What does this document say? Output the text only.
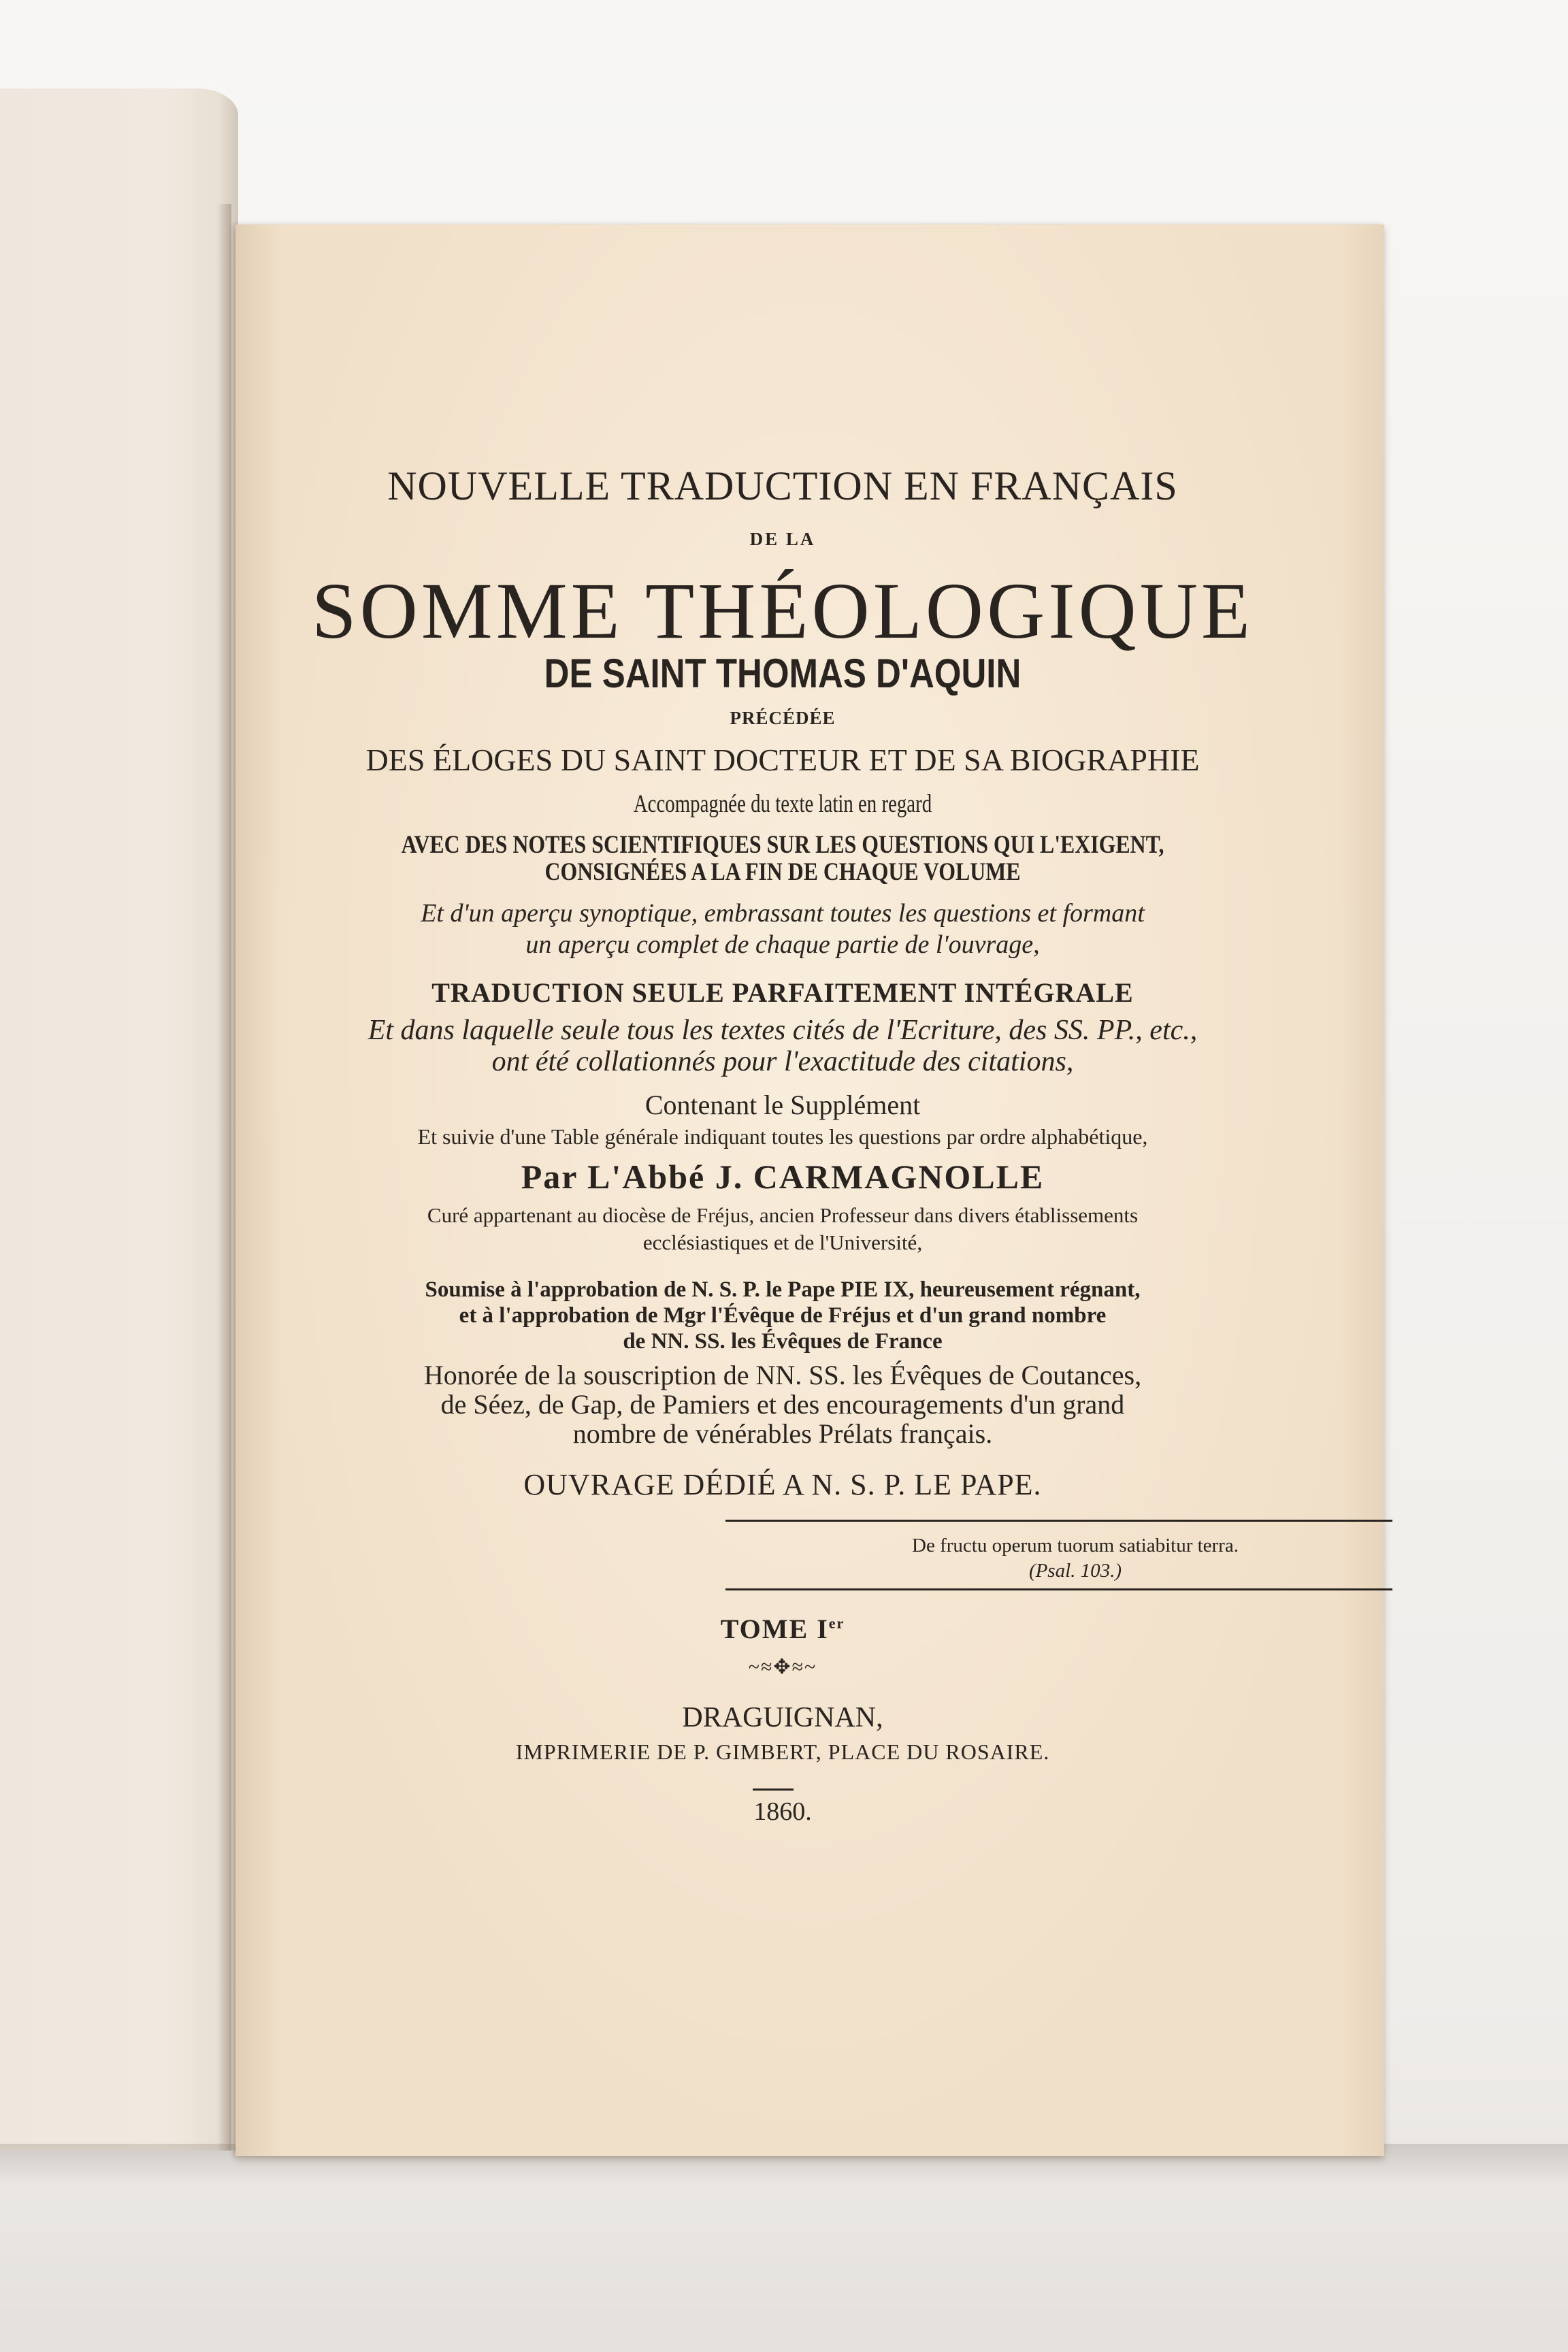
NOUVELLE TRADUCTION EN FRANÇAIS
DE LA
SOMME THÉOLOGIQUE
DE SAINT THOMAS D'AQUIN
PRÉCÉDÉE
DES ÉLOGES DU SAINT DOCTEUR ET DE SA BIOGRAPHIE
Accompagnée du texte latin en regard
AVEC DES NOTES SCIENTIFIQUES SUR LES QUESTIONS QUI L'EXIGENT,
CONSIGNÉES A LA FIN DE CHAQUE VOLUME
Et d'un aperçu synoptique, embrassant toutes les questions et formant
un aperçu complet de chaque partie de l'ouvrage,
TRADUCTION SEULE PARFAITEMENT INTÉGRALE
Et dans laquelle seule tous les textes cités de l'Ecriture, des SS. PP., etc.,
ont été collationnés pour l'exactitude des citations,
Contenant le Supplément
Et suivie d'une Table générale indiquant toutes les questions par ordre alphabétique,
Par L'Abbé J. CARMAGNOLLE
Curé appartenant au diocèse de Fréjus, ancien Professeur dans divers établissements
ecclésiastiques et de l'Université,
Soumise à l'approbation de N. S. P. le Pape PIE IX, heureusement régnant,
et à l'approbation de Mgr l'Évêque de Fréjus et d'un grand nombre
de NN. SS. les Évêques de France
Honorée de la souscription de NN. SS. les Évêques de Coutances,
de Séez, de Gap, de Pamiers et des encouragements d'un grand
nombre de vénérables Prélats français.
OUVRAGE DÉDIÉ A N. S. P. LE PAPE.
De fructu operum tuorum satiabitur terra.
(Psal. 103.)
TOME Ier
~≈✥≈~
DRAGUIGNAN,
IMPRIMERIE DE P. GIMBERT, PLACE DU ROSAIRE.
1860.
